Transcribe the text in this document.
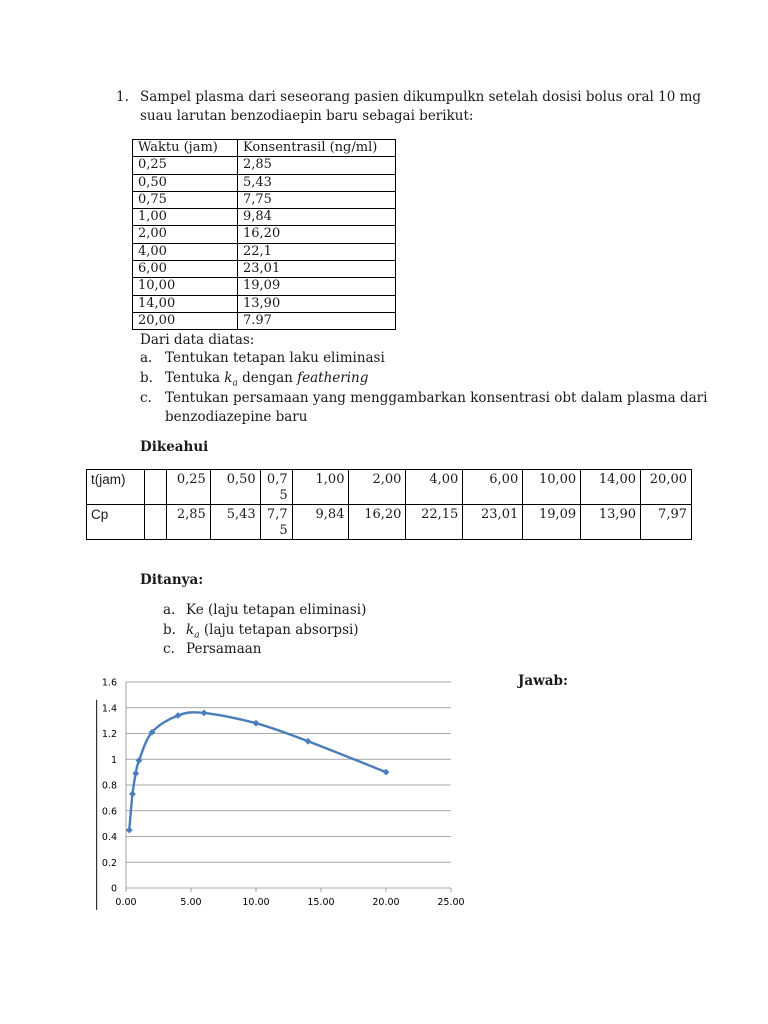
1. Sampel plasma dari seseorang pasien dikumpulkn setelah dosisi bolus oral 10 mg
suau larutan benzodiaepin baru sebagai berikut:
Waktu (jam)	Konsentrasil (ng/ml)
0,25	2,85
0,50	5,43
0,75	7,75
1,00	9,84
2,00	16,20
4,00	22,1
6,00	23,01
10,00	19,09
14,00	13,90
20,00	7.97
Dari data diatas:
a. Tentukan tetapan laku eliminasi
b. Tentuka $k_a$ dengan feathering
c. Tentukan persamaan yang menggambarkan konsentrasi obt dalam plasma dari
benzodiazepine baru
Dikeahui
t(jam)		0,25	0,50	0,75	1,00	2,00	4,00	6,00	10,00	14,00	20,00
Cp		2,85	5,43	7,75	9,84	16,20	22,15	23,01	19,09	13,90	7,97
Ditanya:
a. Ke (laju tetapan eliminasi)
b. $k_a$ (laju tetapan absorpsi)
c. Persamaan
Jawab:
0
0.2
0.4
0.6
0.8
1
1.2
1.4
1.6
0.00	5.00	10.00	15.00	20.00	25.00
